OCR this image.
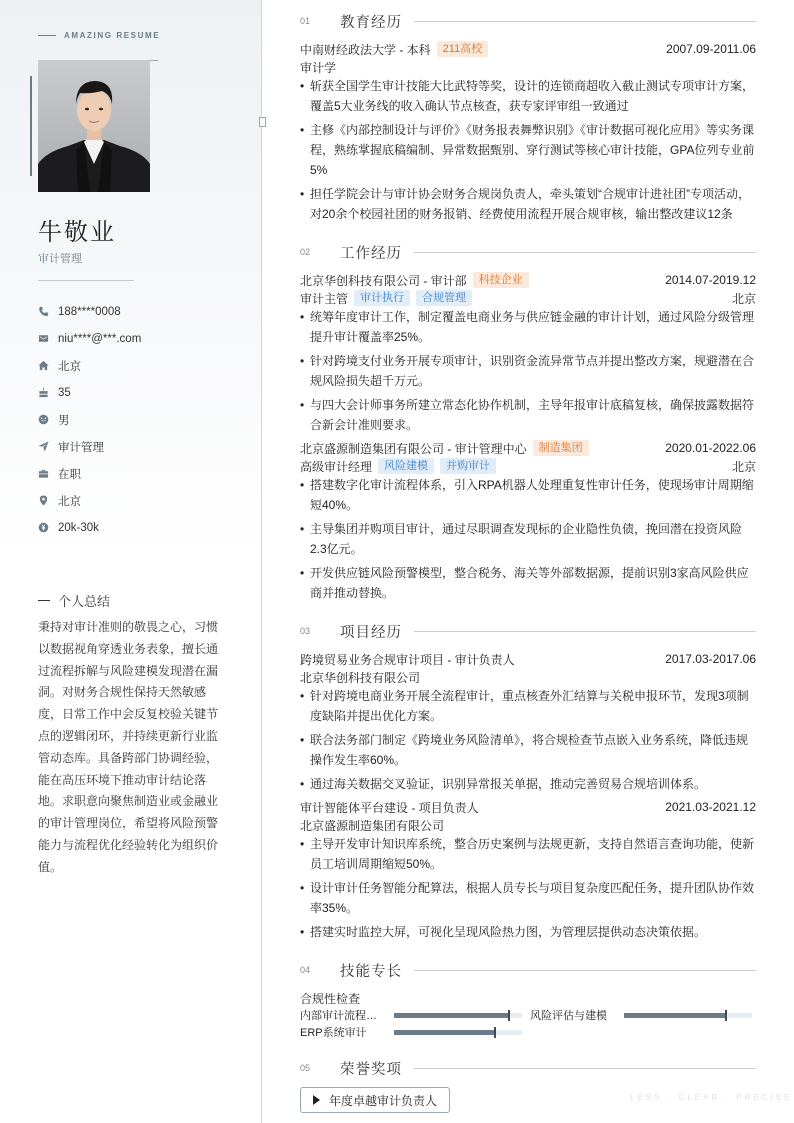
AMAZING RESUME
牛敬业
审计管理
188****0008
niu****@***.com
北京
35
男
审计管理
在职
北京
20k-30k
个人总结
秉持对审计准则的敬畏之心，习惯以数据视角穿透业务表象，擅长通过流程拆解与风险建模发现潜在漏洞。对财务合规性保持天然敏感度，日常工作中会反复校验关键节点的逻辑闭环，并持续更新行业监管动态库。具备跨部门协调经验，能在高压环境下推动审计结论落地。求职意向聚焦制造业或金融业的审计管理岗位，希望将风险预警能力与流程优化经验转化为组织价值。
01	教育经历
中南财经政法大学 - 本科	211高校	2007.09-2011.06
审计学
• 斩获全国学生审计技能大比武特等奖，设计的连锁商超收入截止测试专项审计方案，覆盖5大业务线的收入确认节点核查，获专家评审组一致通过
• 主修《内部控制设计与评价》《财务报表舞弊识别》《审计数据可视化应用》等实务课程，熟练掌握底稿编制、异常数据甄别、穿行测试等核心审计技能，GPA位列专业前5%
• 担任学院会计与审计协会财务合规岗负责人，牵头策划“合规审计进社团”专项活动，对20余个校园社团的财务报销、经费使用流程开展合规审核，输出整改建议12条
02	工作经历
北京华创科技有限公司 - 审计部	科技企业	2014.07-2019.12
审计主管	审计执行	合规管理	北京
• 统筹年度审计工作，制定覆盖电商业务与供应链金融的审计计划，通过风险分级管理提升审计覆盖率25%。
• 针对跨境支付业务开展专项审计，识别资金流异常节点并提出整改方案，规避潜在合规风险损失超千万元。
• 与四大会计师事务所建立常态化协作机制，主导年报审计底稿复核，确保披露数据符合新会计准则要求。
北京盛源制造集团有限公司 - 审计管理中心	制造集团	2020.01-2022.06
高级审计经理	风险建模	并购审计	北京
• 搭建数字化审计流程体系，引入RPA机器人处理重复性审计任务，使现场审计周期缩短40%。
• 主导集团并购项目审计，通过尽职调查发现标的企业隐性负债，挽回潜在投资风险2.3亿元。
• 开发供应链风险预警模型，整合税务、海关等外部数据源，提前识别3家高风险供应商并推动替换。
03	项目经历
跨境贸易业务合规审计项目 - 审计负责人	2017.03-2017.06
北京华创科技有限公司
• 针对跨境电商业务开展全流程审计，重点核查外汇结算与关税申报环节，发现3项制度缺陷并提出优化方案。
• 联合法务部门制定《跨境业务风险清单》，将合规检查节点嵌入业务系统，降低违规操作发生率60%。
• 通过海关数据交叉验证，识别异常报关单据，推动完善贸易合规培训体系。
审计智能体平台建设 - 项目负责人	2021.03-2021.12
北京盛源制造集团有限公司
• 主导开发审计知识库系统，整合历史案例与法规更新，支持自然语言查询功能，使新员工培训周期缩短50%。
• 设计审计任务智能分配算法，根据人员专长与项目复杂度匹配任务，提升团队协作效率35%。
• 搭建实时监控大屏，可视化呈现风险热力图，为管理层提供动态决策依据。
04	技能专长
合规性检查
内部审计流程…	风险评估与建模
ERP系统审计
05	荣誉奖项
年度卓越审计负责人	LESS · CLEAR · PRECISE
